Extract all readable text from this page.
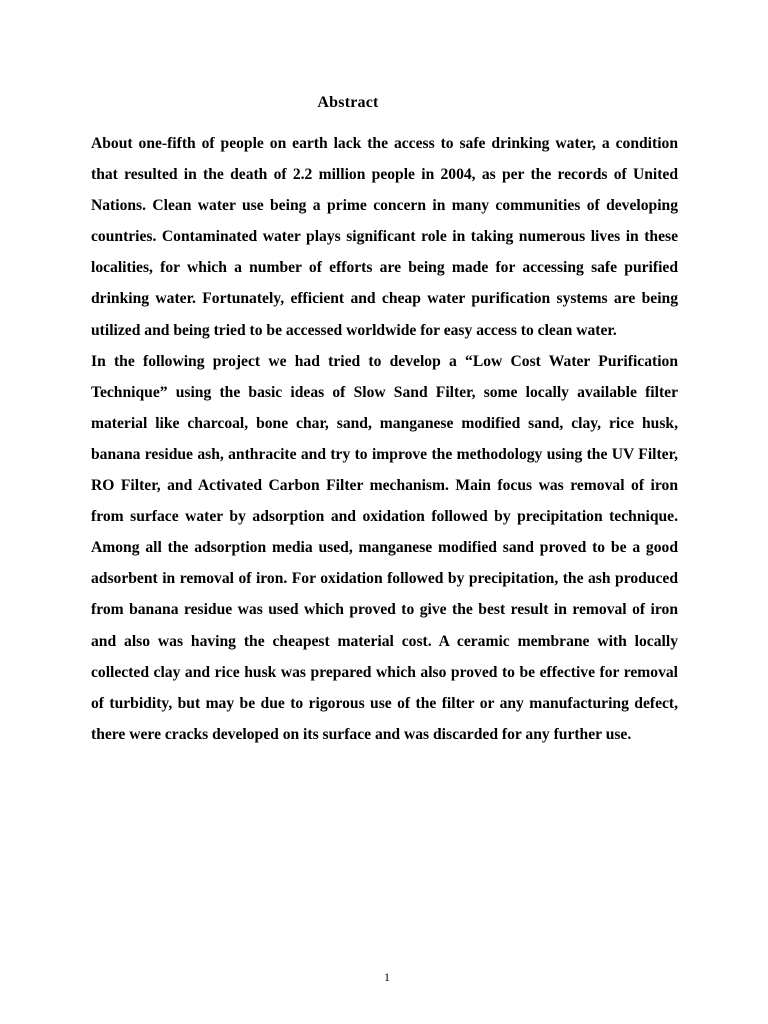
Abstract

About one-fifth of people on earth lack the access to safe drinking water, a condition that resulted in the death of 2.2 million people in 2004, as per the records of United Nations. Clean water use being a prime concern in many communities of developing countries. Contaminated water plays significant role in taking numerous lives in these localities, for which a number of efforts are being made for accessing safe purified drinking water. Fortunately, efficient and cheap water purification systems are being utilized and being tried to be accessed worldwide for easy access to clean water.

In the following project we had tried to develop a “Low Cost Water Purification Technique” using the basic ideas of Slow Sand Filter, some locally available filter material like charcoal, bone char, sand, manganese modified sand, clay, rice husk, banana residue ash, anthracite and try to improve the methodology using the UV Filter, RO Filter, and Activated Carbon Filter mechanism. Main focus was removal of iron from surface water by adsorption and oxidation followed by precipitation technique. Among all the adsorption media used, manganese modified sand proved to be a good adsorbent in removal of iron. For oxidation followed by precipitation, the ash produced from banana residue was used which proved to give the best result in removal of iron and also was having the cheapest material cost. A ceramic membrane with locally collected clay and rice husk was prepared which also proved to be effective for removal of turbidity, but may be due to rigorous use of the filter or any manufacturing defect, there were cracks developed on its surface and was discarded for any further use.

1
